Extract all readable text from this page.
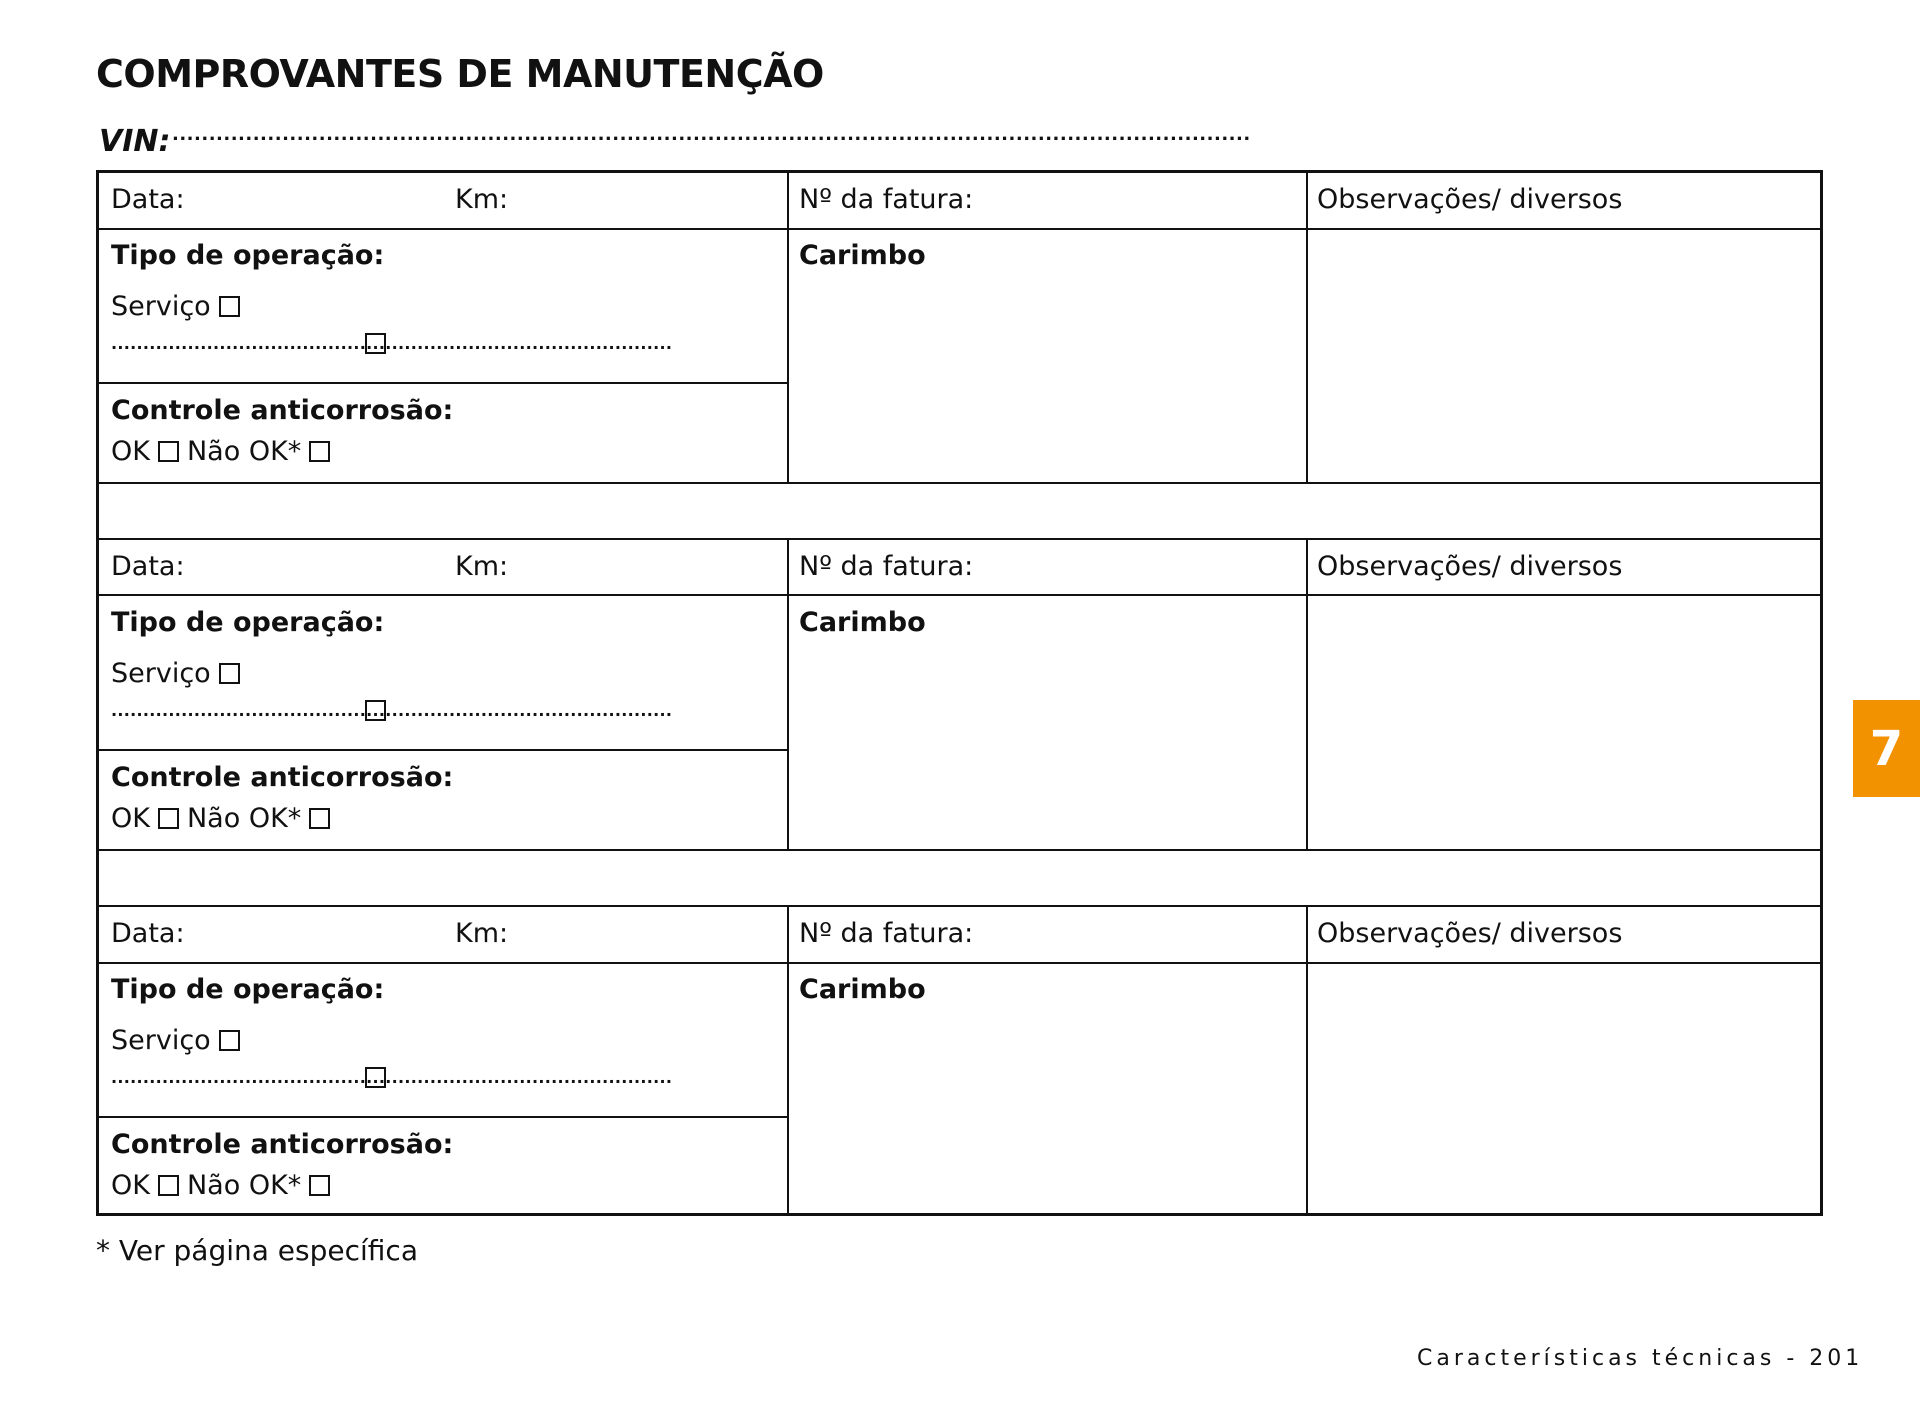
COMPROVANTES DE MANUTENÇÃO
VIN: ...................................................................................................................................................
Data:	Km:	Nº da fatura:	Observações/ diversos
Tipo de operação:
Serviço
........................................................................................
Carimbo
Controle anticorrosão:
OK Não OK*
Data:	Km:	Nº da fatura:	Observações/ diversos
Tipo de operação:
Serviço
........................................................................................
Carimbo
Controle anticorrosão:
OK Não OK*
Data:	Km:	Nº da fatura:	Observações/ diversos
Tipo de operação:
Serviço
........................................................................................
Carimbo
Controle anticorrosão:
OK Não OK*
* Ver página específica
Características técnicas - 201
7
